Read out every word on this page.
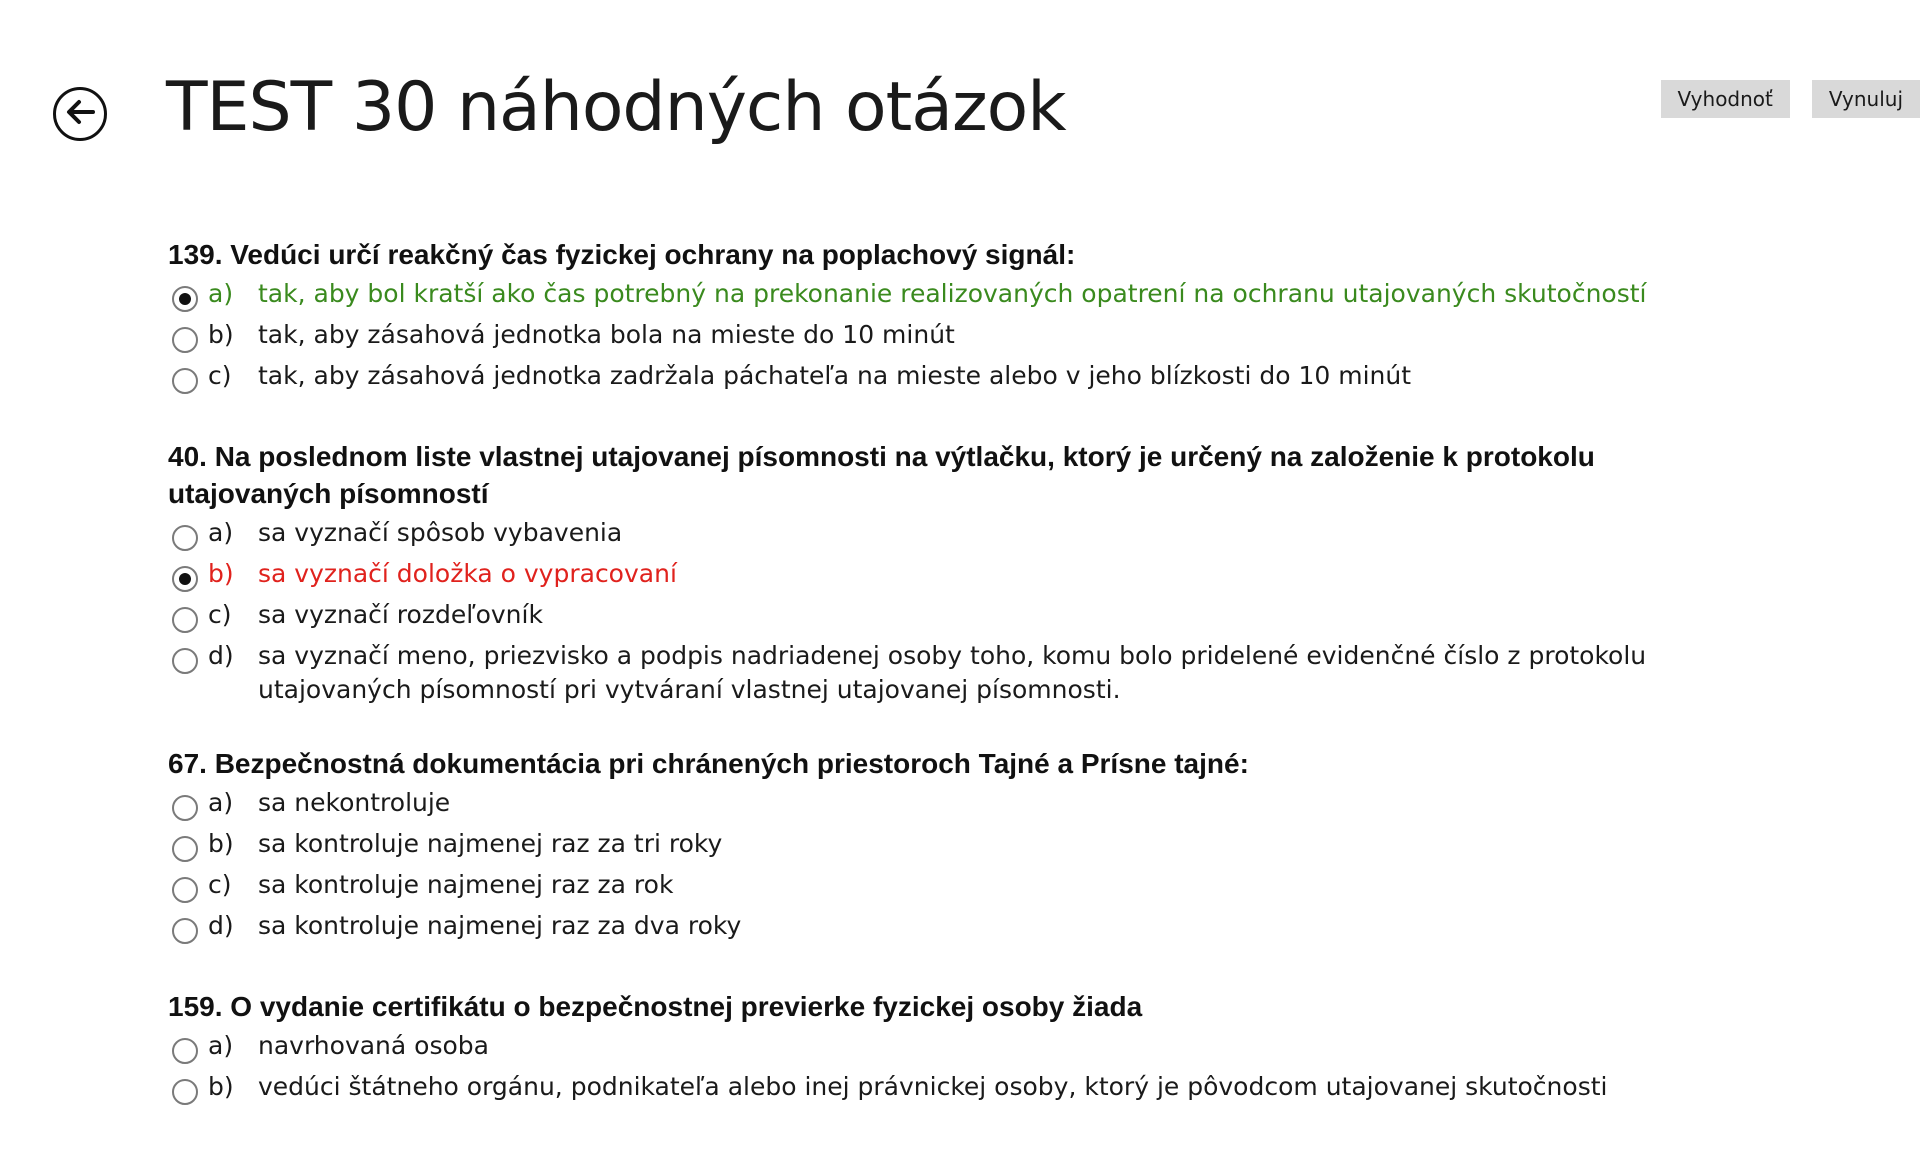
TEST 30 náhodných otázok	Vyhodnoť	Vynuluj

139. Vedúci určí reakčný čas fyzickej ochrany na poplachový signál:

a) tak, aby bol kratší ako čas potrebný na prekonanie realizovaných opatrení na ochranu utajovaných skutočností
b) tak, aby zásahová jednotka bola na mieste do 10 minút
c)	tak, aby zásahová jednotka zadržala páchateľa na mieste alebo v jeho blízkosti do 10 minút

40. Na poslednom liste vlastnej utajovanej písomnosti na výtlačku, ktorý je určený na založenie k protokolu utajovaných písomností

a) sa vyznačí spôsob vybavenia
b) sa vyznačí doložka o vypracovaní
c)	sa vyznačí rozdeľovník
d) sa vyznačí meno, priezvisko a podpis nadriadenej osoby toho, komu bolo pridelené evidenčné číslo z protokolu utajovaných písomností pri vytváraní vlastnej utajovanej písomnosti.

67. Bezpečnostná dokumentácia pri chránených priestoroch Tajné a Prísne tajné:

a) sa nekontroluje
b) sa kontroluje najmenej raz za tri roky
c)	sa kontroluje najmenej raz za rok
d) sa kontroluje najmenej raz za dva roky

159. O vydanie certifikátu o bezpečnostnej previerke fyzickej osoby žiada

a) navrhovaná osoba
b) vedúci štátneho orgánu, podnikateľa alebo inej právnickej osoby, ktorý je pôvodcom utajovanej skutočnosti
